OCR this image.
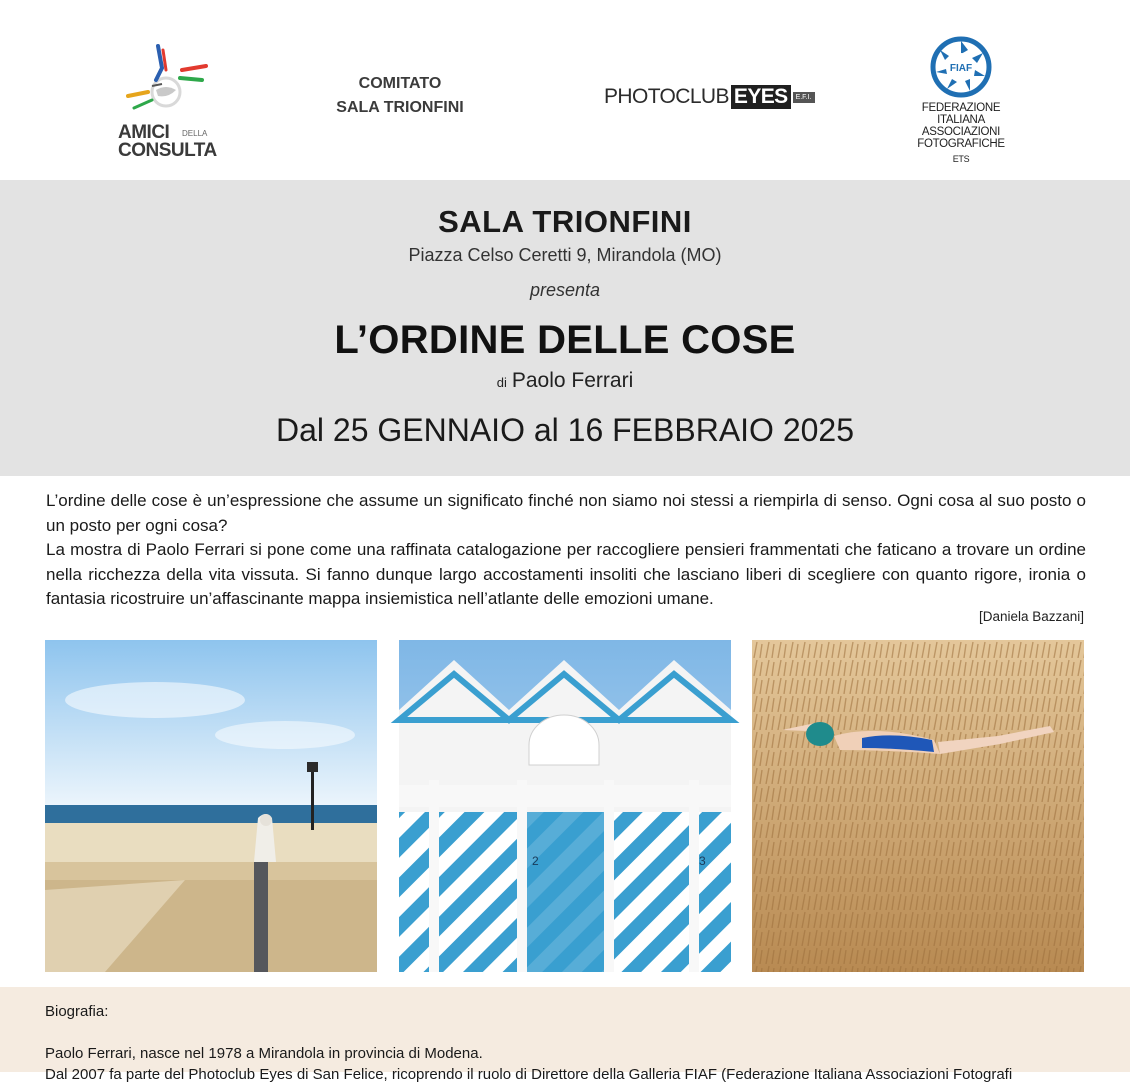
AMICI DELLA
CONSULTA
COMITATO
SALA TRIONFINI	PHOTOCLUB EYES	E.F.I.
FIAF
FEDERAZIONE
ITALIANA
ASSOCIAZIONI
FOTOGRAFICHE
ETS
SALA TRIONFINI
Piazza Celso Ceretti 9, Mirandola (MO)
presenta
L’ORDINE DELLE COSE
di Paolo Ferrari
Dal 25 GENNAIO al 16 FEBBRAIO 2025

L’ordine delle cose è un’espressione che assume un significato finché non siamo noi stessi a riempirla di senso. Ogni cosa al suo posto o un posto per ogni cosa?

La mostra di Paolo Ferrari si pone come una raffinata catalogazione per raccogliere pensieri frammentati che faticano a trovare un ordine nella ricchezza della vita vissuta. Si fanno dunque largo accostamenti insoliti che lasciano liberi di scegliere con quanto rigore, ironia o fantasia ricostruire un’affascinante mappa insiemistica nell’atlante delle emozioni umane.

[Daniela Bazzani]
2	3
Biografia:
Paolo Ferrari, nasce nel 1978 a Mirandola in provincia di Modena.
Dal 2007 fa parte del Photoclub Eyes di San Felice, ricoprendo il ruolo di Direttore della Galleria FIAF (Federazione Italiana Associazioni Fotografi
